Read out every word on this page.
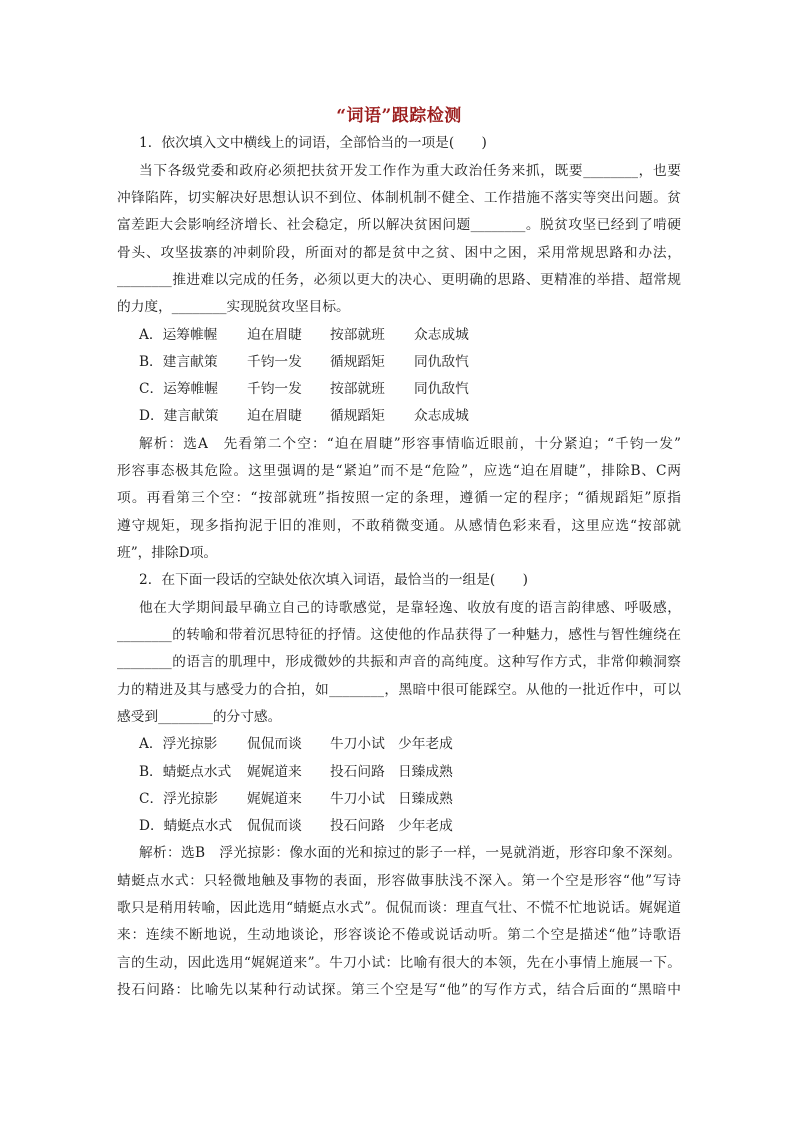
“词语”跟踪检测
1．依次填入文中横线上的词语，全部恰当的一项是(　　)
当下各级党委和政府必须把扶贫开发工作作为重大政治任务来抓，既要________，也要
冲锋陷阵，切实解决好思想认识不到位、体制机制不健全、工作措施不落实等突出问题。贫
富差距大会影响经济增长、社会稳定，所以解决贫困问题________。脱贫攻坚已经到了啃硬
骨头、攻坚拔寨的冲刺阶段，所面对的都是贫中之贫、困中之困，采用常规思路和办法，
________推进难以完成的任务，必须以更大的决心、更明确的思路、更精准的举措、超常规
的力度，________实现脱贫攻坚目标。
A．运筹帷幄 迫在眉睫 按部就班 众志成城
B．建言献策 千钧一发 循规蹈矩 同仇敌忾
C．运筹帷幄 千钧一发 按部就班 同仇敌忾
D．建言献策 迫在眉睫 循规蹈矩 众志成城
解析：选A　先看第二个空：“迫在眉睫”形容事情临近眼前，十分紧迫；“千钧一发”
形容事态极其危险。这里强调的是“紧迫”而不是“危险”，应选“迫在眉睫”，排除B、C两
项。再看第三个空：“按部就班”指按照一定的条理，遵循一定的程序；“循规蹈矩”原指
遵守规矩，现多指拘泥于旧的准则，不敢稍微变通。从感情色彩来看，这里应选“按部就
班”，排除D项。
2．在下面一段话的空缺处依次填入词语，最恰当的一组是(　　)
他在大学期间最早确立自己的诗歌感觉，是靠轻逸、收放有度的语言韵律感、呼吸感，
________的转喻和带着沉思特征的抒情。这使他的作品获得了一种魅力，感性与智性缠绕在
________的语言的肌理中，形成微妙的共振和声音的高纯度。这种写作方式，非常仰赖洞察
力的精进及其与感受力的合拍，如________，黑暗中很可能踩空。从他的一批近作中，可以
感受到________的分寸感。
A．浮光掠影 侃侃而谈 牛刀小试 少年老成
B．蜻蜓点水式 娓娓道来 投石问路 日臻成熟
C．浮光掠影 娓娓道来 牛刀小试 日臻成熟
D．蜻蜓点水式 侃侃而谈 投石问路 少年老成
解析：选B　浮光掠影：像水面的光和掠过的影子一样，一晃就消逝，形容印象不深刻。
蜻蜓点水式：只轻微地触及事物的表面，形容做事肤浅不深入。第一个空是形容“他”写诗
歌只是稍用转喻，因此选用“蜻蜓点水式”。侃侃而谈：理直气壮、不慌不忙地说话。娓娓道
来：连续不断地说，生动地谈论，形容谈论不倦或说话动听。第二个空是描述“他”诗歌语
言的生动，因此选用“娓娓道来”。牛刀小试：比喻有很大的本领，先在小事情上施展一下。
投石问路：比喻先以某种行动试探。第三个空是写“他”的写作方式，结合后面的“黑暗中
